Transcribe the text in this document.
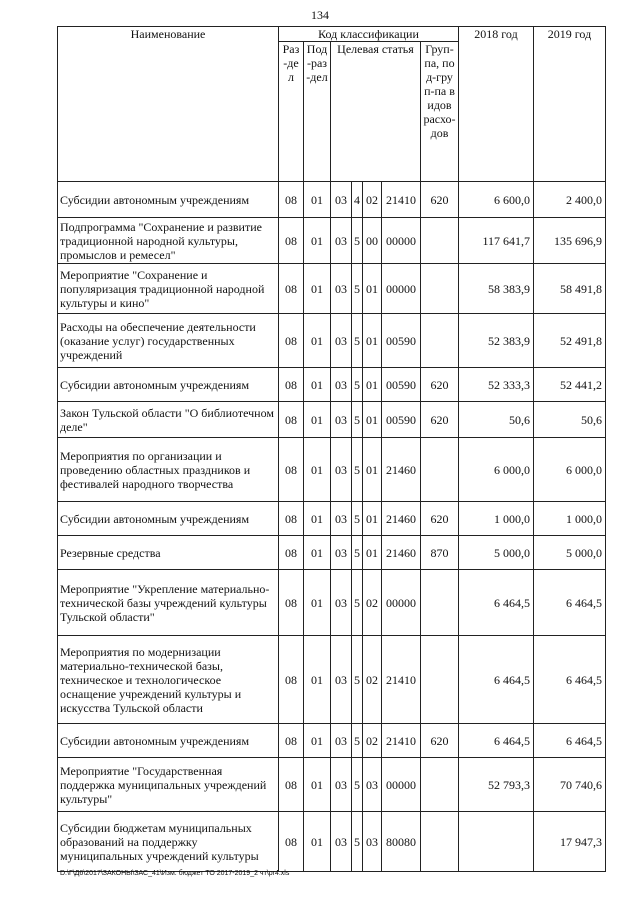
134
Наименование	Код классификации							2018 год	2019 год
	Раз-дел	Под-раз-дел	Целевая статья				Груп-па, под-груп-па видов расхо-дов		
Субсидии автономным учреждениям	08	01	03	4	02	21410	620	6 600,0	2 400,0
Подпрограмма "Сохранение и развитие традиционной народной культуры, промыслов и ремесел"	08	01	03	5	00	00000		117 641,7	135 696,9
Мероприятие "Сохранение и популяризация традиционной народной культуры и кино"	08	01	03	5	01	00000		58 383,9	58 491,8
Расходы на обеспечение деятельности (оказание услуг) государственных учреждений	08	01	03	5	01	00590		52 383,9	52 491,8
Субсидии автономным учреждениям	08	01	03	5	01	00590	620	52 333,3	52 441,2
Закон Тульской области "О библиотечном деле"	08	01	03	5	01	00590	620	50,6	50,6
Мероприятия по организации и проведению областных праздников и фестивалей народного творчества	08	01	03	5	01	21460		6 000,0	6 000,0
Субсидии автономным учреждениям	08	01	03	5	01	21460	620	1 000,0	1 000,0
Резервные средства	08	01	03	5	01	21460	870	5 000,0	5 000,0
Мероприятие "Укрепление материально-технической базы учреждений культуры Тульской области"	08	01	03	5	02	00000		6 464,5	6 464,5
Мероприятия по модернизации материально-технической базы, техническое и технологическое оснащение учреждений культуры и искусства Тульской области	08	01	03	5	02	21410		6 464,5	6 464,5
Субсидии автономным учреждениям	08	01	03	5	02	21410	620	6 464,5	6 464,5
Мероприятие "Государственная поддержка муниципальных учреждений культуры"	08	01	03	5	03	00000		52 793,3	70 740,6
Субсидии бюджетам муниципальных образований на поддержку муниципальных учреждений культуры	08	01	03	5	03	80080			17 947,3
D:\Г\Д6\2017\ЗАКОНЫ\ЗАС_41\Изм. бюджет ТО 2017-2019_2 чт\pr4.xls
